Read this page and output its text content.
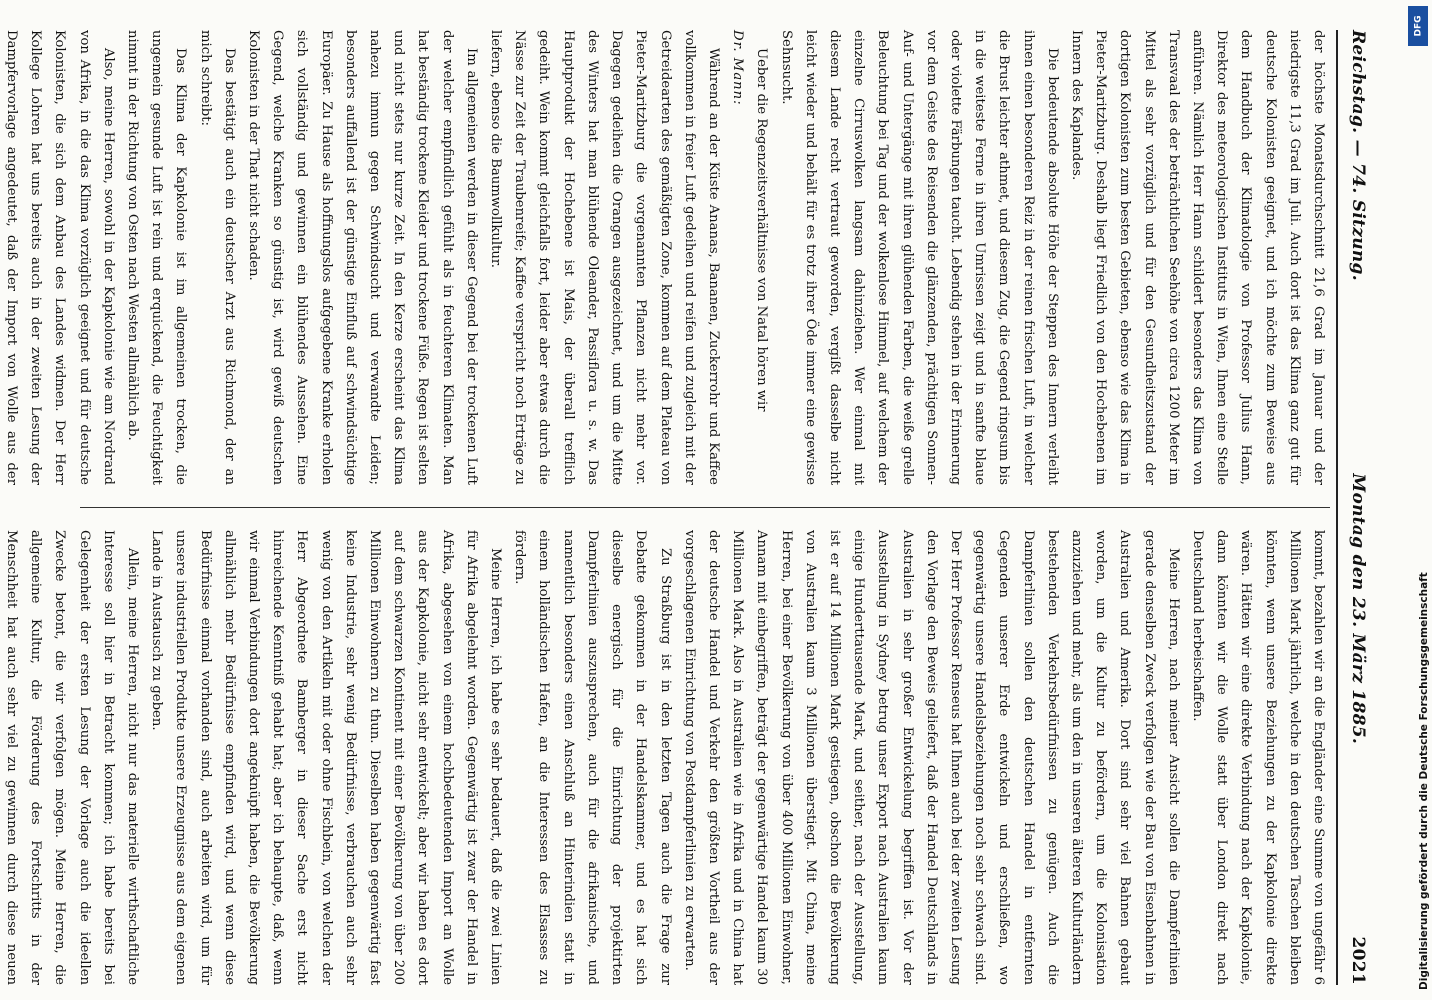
Reichstag. — 74. Sitzung.
Montag den 23. März 1885.
2021

der höchste Monatsdurchschnitt 21,6 Grad im Januar und der niedrigste 11,3 Grad im Juli. Auch dort ist das Klima ganz gut für deutsche Kolonisten geeignet, und ich möchte zum Beweise aus dem Handbuch der Klimatologie von Professor Julius Hann, Direktor des meteorologischen Instituts in Wien, Ihnen eine Stelle anführen. Nämlich Herr Hann schildert besonders das Klima von Transvaal des der beträchtlichen Seehöhe von circa 1200 Meter im Mittel als sehr vorzüglich und für den Gesundheitszustand der dortigen Kolonisten zum besten Gebieten, ebenso wie das Klima in Pieter-Maritzburg. Deshalb liegt Friedlich von den Hochebenen im Innern des Kaplandes.

Die bedeutende absolute Höhe der Steppen des Innern verleiht ihnen einen besonderen Reiz in der reinen frischen Luft, in welcher die Brust leichter athmet, und diesem Zug, die Gegend ringsum bis in die weiteste Ferne in ihren Umrissen zeigt und in sanfte blaue oder violette Färbungen taucht. Lebendig stehen in der Erinnerung vor dem Geiste des Reisenden die glänzenden, prächtigen Sonnen-Auf- und Untergänge mit ihren glühenden Farben, die weiße grelle Beleuchtung bei Tag und der wolkenlose Himmel, auf welchem der einzelne Cirruswolken langsam dahinziehen. Wer einmal mit diesem Lande recht vertraut geworden, vergißt dasselbe nicht leicht wieder und behält für es trotz ihrer Öde immer eine gewisse Sehnsucht.

Ueber die Regenzeitsverhältnisse von Natal hören wir

Dr. Mann:

Während an der Küste Ananas, Bananen, Zuckerrohr und Kaffee vollkommen in freier Luft gedeihen und reifen und zugleich mit der Getreidearten des gemäßigten Zone, kommen auf dem Plateau von Pieter-Maritzburg die vorgenannten Pflanzen nicht mehr vor. Dagegen gedeihen die Orangen ausgezeichnet, und um die Mitte des Winters hat man blühende Oleander, Passiflora u. s. w. Das Hauptprodukt der Hochebene ist Mais, der überall trefflich gedeiht. Wein kommt gleichfalls fort, leider aber etwas durch die Nässe zur Zeit der Traubenreife; Kaffee verspricht noch Erträge zu liefern, ebenso die Baumwollkultur.

Im allgemeinen werden in dieser Gegend bei der trockenen Luft der welcher empfindlich gefühlt als in feuchteren Klimaten. Man hat beständig trockene Kleider und trockene Füße. Regen ist selten und nicht stets nur kurze Zeit. In den Kerze erscheint das Klima nahezu immun gegen Schwindsucht und verwandte Leiden; besonders auffallend ist der günstige Einfluß auf schwindsüchtige Europäer. Zu Hause als hoffnungslos aufgegebene Kranke erholen sich vollständig und gewinnen ein blühendes Aussehen. Eine Gegend, welche Kranken so günstig ist, wird gewiß deutschen Kolonisten in der That nicht schaden.

Das bestätigt auch ein deutscher Arzt aus Richmond, der an mich schreibt:

Das Klima der Kapkolonie ist im allgemeinen trocken, die ungemein gesunde Luft ist rein und erquickend, die Feuchtigkeit nimmt in der Richtung von Osten nach Westen allmählich ab.

Also, meine Herren, sowohl in der Kapkolonie wie am Nordrand von Afrika, in die das Klima vorzüglich geeignet und für deutsche Kolonisten, die sich dem Anbau des Landes widmen. Der Herr Kollege Lohren hat uns bereits auch in der zweiten Lesung der Dampfervorlage angedeutet, daß der Import von Wolle aus der

kommt, bezahlen wir an die Engländer eine Summe von ungefähr 6 Millionen Mark jährlich, welche in den deutschen Taschen bleiben könnten, wenn unsere Beziehungen zu der Kapkolonie direkte wären. Hätten wir eine direkte Verbindung nach der Kapkolonie, dann könnten wir die Wolle statt über London direkt nach Deutschland herbeischaffen.

Meine Herren, nach meiner Ansicht sollen die Dampferlinien gerade denselben Zweck verfolgen wie der Bau von Eisenbahnen in Australien und Amerika. Dort sind sehr viel Bahnen gebaut worden, um die Kultur zu befördern, um die Kolonisation anzuziehen und mehr, als um den in unseren älteren Kulturländern bestehenden Verkehrsbedürfnissen zu genügen. Auch die Dampferlinien sollen den deutschen Handel in entfernten Gegenden unserer Erde entwickeln und erschließen, wo gegenwärtig unsere Handelsbeziehungen noch sehr schwach sind. Der Herr Professor Renseus hat Ihnen auch bei der zweiten Lesung den Vorlage den Beweis geliefert, daß der Handel Deutschlands in Australien in sehr großer Entwickelung begriffen ist. Vor der Ausstellung in Sydney betrug unser Export nach Australien kaum einige Hunderttausende Mark, und seither, nach der Ausstellung, ist er auf 14 Millionen Mark gestiegen, obschon die Bevölkerung von Australien kaum 3 Millionen überstiegt. Mit China, meine Herren, bei einer Bevölkerung von über 400 Millionen Einwohner, Annam mit einbegriffen, beträgt der gegenwärtige Handel kaum 30 Millionen Mark. Also in Australien wie in Afrika und in China hat der deutsche Handel und Verkehr den größten Vortheil aus der vorgeschlagenen Einrichtung von Postdampferlinien zu erwarten.

Zu Straßburg ist in den letzten Tagen auch die Frage zur Debatte gekommen in der Handelskammer, und es hat sich dieselbe energisch für die Einrichtung der projektirten Dampferlinien auszusprechen, auch für die afrikanische, und namentlich besonders einen Anschluß an Hinterindien statt in einem holländischen Hafen, an die Interessen des Elsasses zu fördern.

Meine Herren, ich habe es sehr bedauert, daß die zwei Linien für Afrika abgelehnt worden. Gegenwärtig ist zwar der Handel in Afrika, abgesehen von einem hochbedeutenden Import an Wolle aus der Kapkolonie, nicht sehr entwickelt; aber wir haben es dort auf dem schwarzen Kontinent mit einer Bevölkerung von über 200 Millionen Einwohnern zu thun. Dieselben haben gegenwärtig fast keine Industrie, sehr wenig Bedürfnisse, verbrauchen auch sehr wenig von den Artikeln mit oder ohne Fischbein, von welchen der Herr Abgeordnete Bamberger in dieser Sache erst nicht hinreichende Kenntniß gehabt hat; aber ich behaupte, daß, wenn wir einmal Verbindungen dort angeknüpft haben, die Bevölkerung allmählich mehr Bedürfnisse empfinden wird, und wenn diese Bedürfnisse einmal vorhanden sind, auch arbeiten wird, um für unsere industriellen Produkte unsere Erzeugnisse aus dem eigenen Lande in Austausch zu geben.

Allein, meine Herren, nicht nur das materielle wirthschaftliche Interesse soll hier in Betracht kommen; ich habe bereits bei Gelegenheit der ersten Lesung der Vorlage auch die ideellen Zwecke betont, die wir verfolgen mögen. Meine Herren, die allgemeine Kultur, die Förderung des Fortschritts in der Menschheit hat auch sehr viel zu gewinnen durch diese neuen

DFG
Digitalisierung gefördert durch die Deutsche Forschungsgemeinschaft
